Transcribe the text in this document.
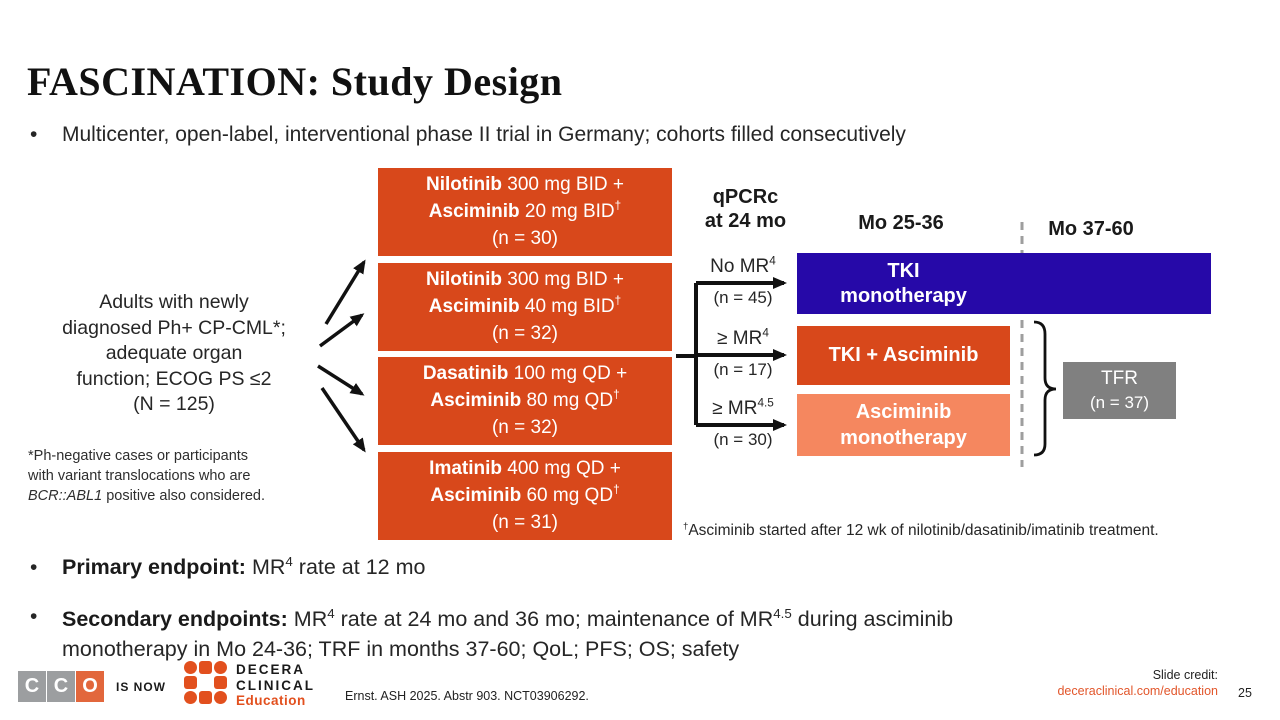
FASCINATION: Study Design
• Multicenter, open-label, interventional phase II trial in Germany; cohorts filled consecutively
Adults with newly
diagnosed Ph+ CP-CML*;
adequate organ
function; ECOG PS ≤2
(N = 125)
*Ph-negative cases or participants
with variant translocations who are
BCR::ABL1 positive also considered.
Nilotinib 300 mg BID +
Asciminib 20 mg BID†
(n = 30)
Nilotinib 300 mg BID +
Asciminib 40 mg BID†
(n = 32)
Dasatinib 100 mg QD +
Asciminib 80 mg QD†
(n = 32)
Imatinib 400 mg QD +
Asciminib 60 mg QD†
(n = 31)
qPCRc
at 24 mo	Mo 25-36	Mo 37-60
No $MR^4$
(n = 45)
≥ $MR^4$
(n = 17)
≥ $MR^{4.5}$
(n = 30)
TKI
monotherapy
TKI + Asciminib
Asciminib
monotherapy
TFR
(n = 37)
†Asciminib started after 12 wk of nilotinib/dasatinib/imatinib treatment.
• Primary endpoint: $MR^4$ rate at 12 mo
• Secondary endpoints: $MR^4$ rate at 24 mo and 36 mo; maintenance of $MR^{4.5}$ during asciminib
monotherapy in Mo 24-36; TRF in months 37-60; QoL; PFS; OS; safety
C C O	IS NOW
DECERA
CLINICAL
Education	Ernst. ASH 2025. Abstr 903. NCT03906292.
Slide credit:
deceraclinical.com/education 25
